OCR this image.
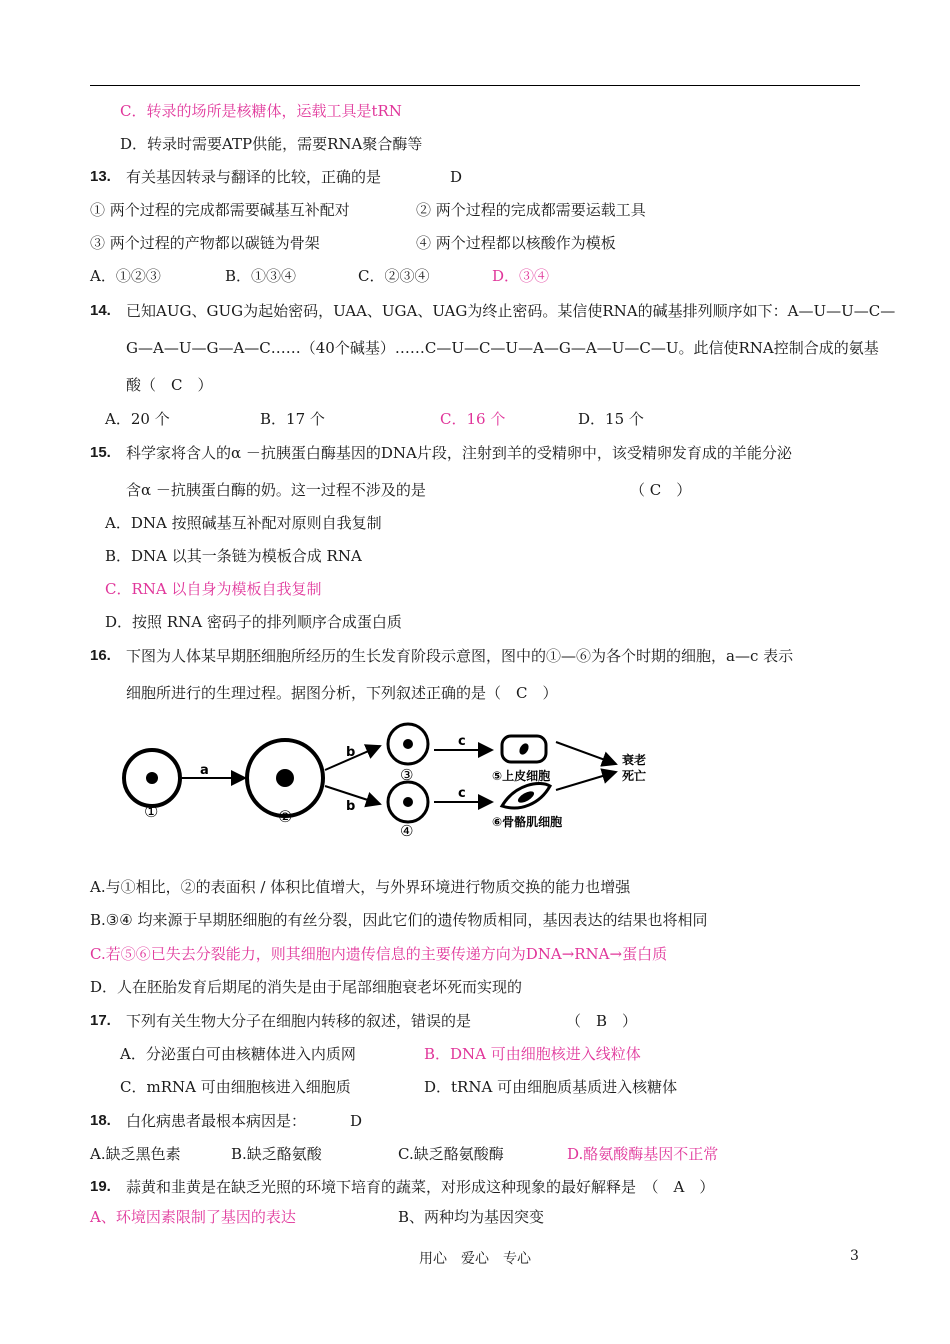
C．转录的场所是核糖体，运载工具是tRN
D．转录时需要ATP供能，需要RNA聚合酶等
13. 有关基因转录与翻译的比较，正确的是	D
① 两个过程的完成都需要碱基互补配对	② 两个过程的完成都需要运载工具
③ 两个过程的产物都以碳链为骨架	④ 两个过程都以核酸作为模板
A．①②③	B．①③④	C．②③④	D．③④
14. 已知AUG、GUG为起始密码，UAA、UGA、UAG为终止密码。某信使RNA的碱基排列顺序如下：A—U—U—C—
G—A—U—G—A—C……（40个碱基）……C—U—C—U—A—G—A—U—C—U。此信使RNA控制合成的氨基
酸（　C　）
A．20 个	B．17 个	C．16 个	D．15 个
15. 科学家将含人的α －抗胰蛋白酶基因的DNA片段，注射到羊的受精卵中，该受精卵发育成的羊能分泌
含α －抗胰蛋白酶的奶。这一过程不涉及的是	（ C　）
A．DNA 按照碱基互补配对原则自我复制
B．DNA 以其一条链为模板合成 RNA
C．RNA 以自身为模板自我复制
D．按照 RNA 密码子的排列顺序合成蛋白质
16. 下图为人体某早期胚细胞所经历的生长发育阶段示意图，图中的①—⑥为各个时期的细胞，a—c 表示
细胞所进行的生理过程。据图分析，下列叙述正确的是（　C　）
①
a
②
b
b
③
④
c
c
⑤上皮细胞
⑥骨骼肌细胞
衰老
死亡
A.与①相比，②的表面积 / 体积比值增大，与外界环境进行物质交换的能力也增强
B.③④ 均来源于早期胚细胞的有丝分裂，因此它们的遗传物质相同，基因表达的结果也将相同
C.若⑤⑥已失去分裂能力，则其细胞内遗传信息的主要传递方向为DNA→RNA→蛋白质
D．人在胚胎发育后期尾的消失是由于尾部细胞衰老坏死而实现的
17. 下列有关生物大分子在细胞内转移的叙述，错误的是	（　B　）
A．分泌蛋白可由核糖体进入内质网	B．DNA 可由细胞核进入线粒体
C．mRNA 可由细胞核进入细胞质	D．tRNA 可由细胞质基质进入核糖体
18. 白化病患者最根本病因是：	D
A.缺乏黑色素	B.缺乏酪氨酸	C.缺乏酪氨酸酶	D.酪氨酸酶基因不正常
19. 蒜黄和韭黄是在缺乏光照的环境下培育的蔬菜，对形成这种现象的最好解释是　（　A　）
A、环境因素限制了基因的表达	B、两种均为基因突变
用心　爱心　专心	3
